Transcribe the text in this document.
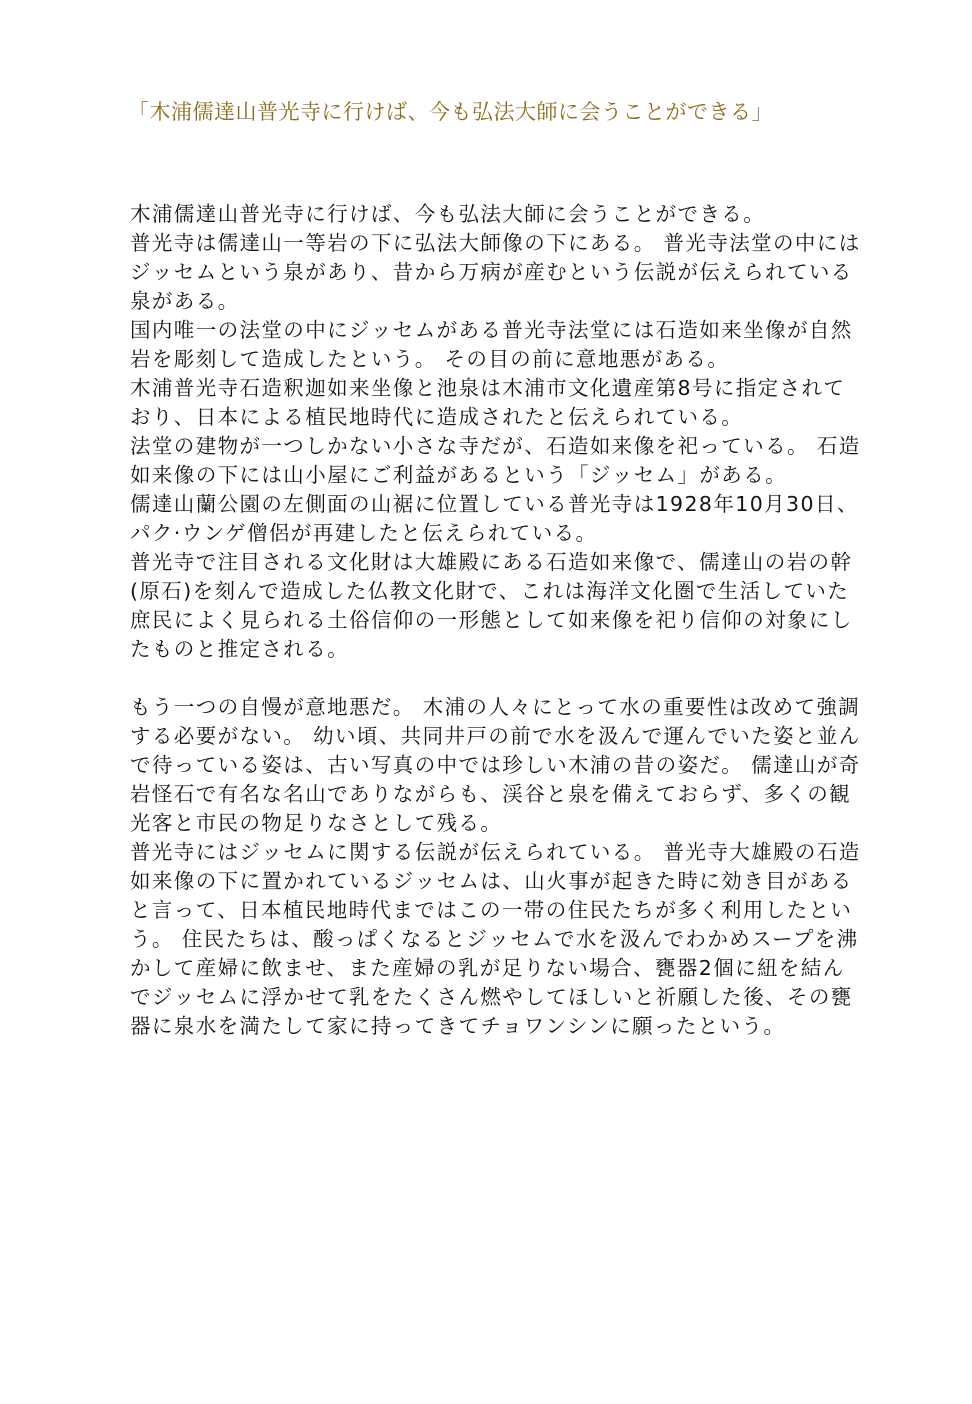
「木浦儒達山普光寺に行けば、今も弘法大師に会うことができる」

木浦儒達山普光寺に行けば、今も弘法大師に会うことができる。

普光寺は儒達山一等岩の下に弘法大師像の下にある。 普光寺法堂の中にはジッセムという泉があり、昔から万病が産むという伝説が伝えられている泉がある。

国内唯一の法堂の中にジッセムがある普光寺法堂には石造如来坐像が自然岩を彫刻して造成したという。 その目の前に意地悪がある。

木浦普光寺石造釈迦如来坐像と池泉は木浦市文化遺産第8号に指定されており、日本による植民地時代に造成されたと伝えられている。

法堂の建物が一つしかない小さな寺だが、石造如来像を祀っている。 石造如来像の下には山小屋にご利益があるという「ジッセム」がある。

儒達山蘭公園の左側面の山裾に位置している普光寺は1928年10月30日、パク·ウンゲ僧侶が再建したと伝えられている。

普光寺で注目される文化財は大雄殿にある石造如来像で、儒達山の岩の幹(原石)を刻んで造成した仏教文化財で、これは海洋文化圏で生活していた庶民によく見られる土俗信仰の一形態として如来像を祀り信仰の対象にしたものと推定される。

もう一つの自慢が意地悪だ。 木浦の人々にとって水の重要性は改めて強調する必要がない。 幼い頃、共同井戸の前で水を汲んで運んでいた姿と並んで待っている姿は、古い写真の中では珍しい木浦の昔の姿だ。 儒達山が奇岩怪石で有名な名山でありながらも、渓谷と泉を備えておらず、多くの観光客と市民の物足りなさとして残る。

普光寺にはジッセムに関する伝説が伝えられている。 普光寺大雄殿の石造如来像の下に置かれているジッセムは、山火事が起きた時に効き目があると言って、日本植民地時代まではこの一帯の住民たちが多く利用したという。 住民たちは、酸っぱくなるとジッセムで水を汲んでわかめスープを沸かして産婦に飲ませ、また産婦の乳が足りない場合、甕器2個に紐を結んでジッセムに浮かせて乳をたくさん燃やしてほしいと祈願した後、その甕器に泉水を満たして家に持ってきてチョワンシンに願ったという。
